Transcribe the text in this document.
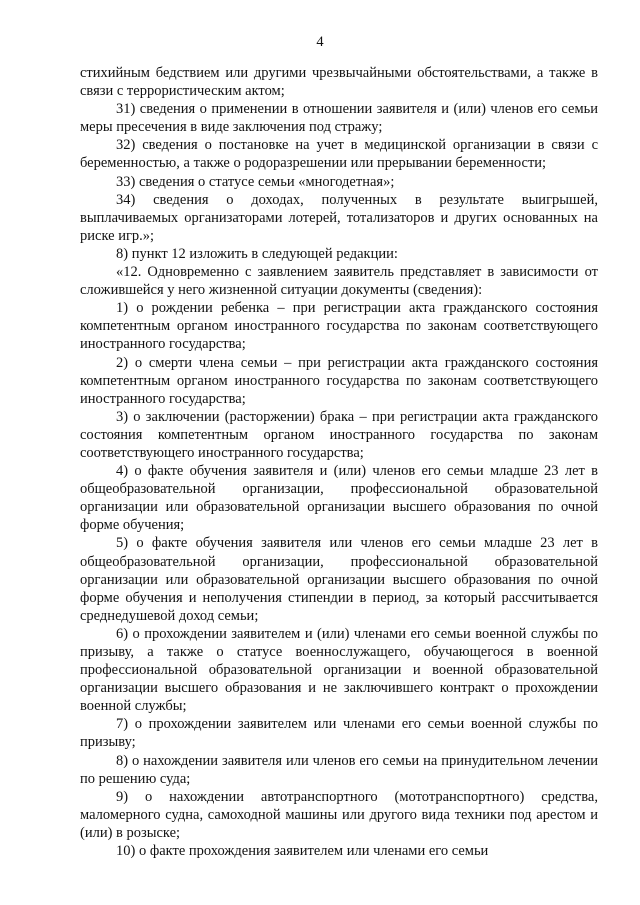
4

стихийным бедствием или другими чрезвычайными обстоятельствами, а также в связи с террористическим актом;

31) сведения о применении в отношении заявителя и (или) членов его семьи меры пресечения в виде заключения под стражу;

32) сведения о постановке на учет в медицинской организации в связи с беременностью, а также о родоразрешении или прерывании беременности;

33) сведения о статусе семьи «многодетная»;

34) сведения о доходах, полученных в результате выигрышей, выплачиваемых организаторами лотерей, тотализаторов и других основанных на риске игр.»;

8) пункт 12 изложить в следующей редакции:

«12. Одновременно с заявлением заявитель представляет в зависимости от сложившейся у него жизненной ситуации документы (сведения):

1) о рождении ребенка – при регистрации акта гражданского состояния компетентным органом иностранного государства по законам соответствующего иностранного государства;

2) о смерти члена семьи – при регистрации акта гражданского состояния компетентным органом иностранного государства по законам соответствующего иностранного государства;

3) о заключении (расторжении) брака – при регистрации акта гражданского состояния компетентным органом иностранного государства по законам соответствующего иностранного государства;

4) о факте обучения заявителя и (или) членов его семьи младше 23 лет в общеобразовательной организации, профессиональной образовательной организации или образовательной организации высшего образования по очной форме обучения;

5) о факте обучения заявителя или членов его семьи младше 23 лет в общеобразовательной организации, профессиональной образовательной организации или образовательной организации высшего образования по очной форме обучения и неполучения стипендии в период, за который рассчитывается среднедушевой доход семьи;

6) о прохождении заявителем и (или) членами его семьи военной службы по призыву, а также о статусе военнослужащего, обучающегося в военной профессиональной образовательной организации и военной образовательной организации высшего образования и не заключившего контракт о прохождении военной службы;

7) о прохождении заявителем или членами его семьи военной службы по призыву;

8) о нахождении заявителя или членов его семьи на принудительном лечении по решению суда;

9) о нахождении автотранспортного (мототранспортного) средства, маломерного судна, самоходной машины или другого вида техники под арестом и (или) в розыске;

10) о факте прохождения заявителем или членами его семьи
